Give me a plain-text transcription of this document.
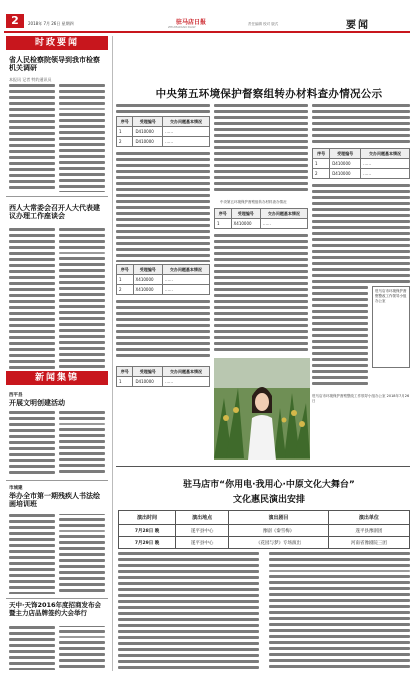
2	2018年 7月 26日 星期四	驻马店日报
ZHUMADIAN DAILY
责任编辑 校对 版式	要闻
时政要闻
省人民检察院领导到我市检察机关调研
本报讯 记者 特约通讯员
西人大常委会召开人大代表建议办理工作座谈会
新闻集锦
西平县
开展文明创建活动
市城建
举办全市第一期残疾人书法绘画培训班
天中·天饰2016年度招商发布会暨主力店品牌签约大会举行
中央第五环境保护督察组转办材料查办情况公示
序号	受理编号	交办问题基本情况
1	D410000	……
2	D410000	……
序号	受理编号	交办问题基本情况
1	X410000	……
2	X410000	……
序号	受理编号	交办问题基本情况
1	D410000	……
中央第五环境保护督察组转办材料查办情况
序号	受理编号	交办问题基本情况
1	X410000	……
序号	受理编号	交办问题基本情况
1	D410000	……
2	D410000	……
驻马店市环境保护督察整改工作领导小组办公室
驻马店市环境保护督察整改工作领导小组办公室 2018年7月26日
驻马店市“你用电·我用心·中原文化大舞台”
文化惠民演出安排
演出时间	演出地点	演出剧目	演出单位
7月28日 晚	遂平县中心	豫剧《秦雪梅》	遂平县豫剧团
7月29日 晚	遂平县中心	《花园与梦》专场演出	河南省豫剧院三团
